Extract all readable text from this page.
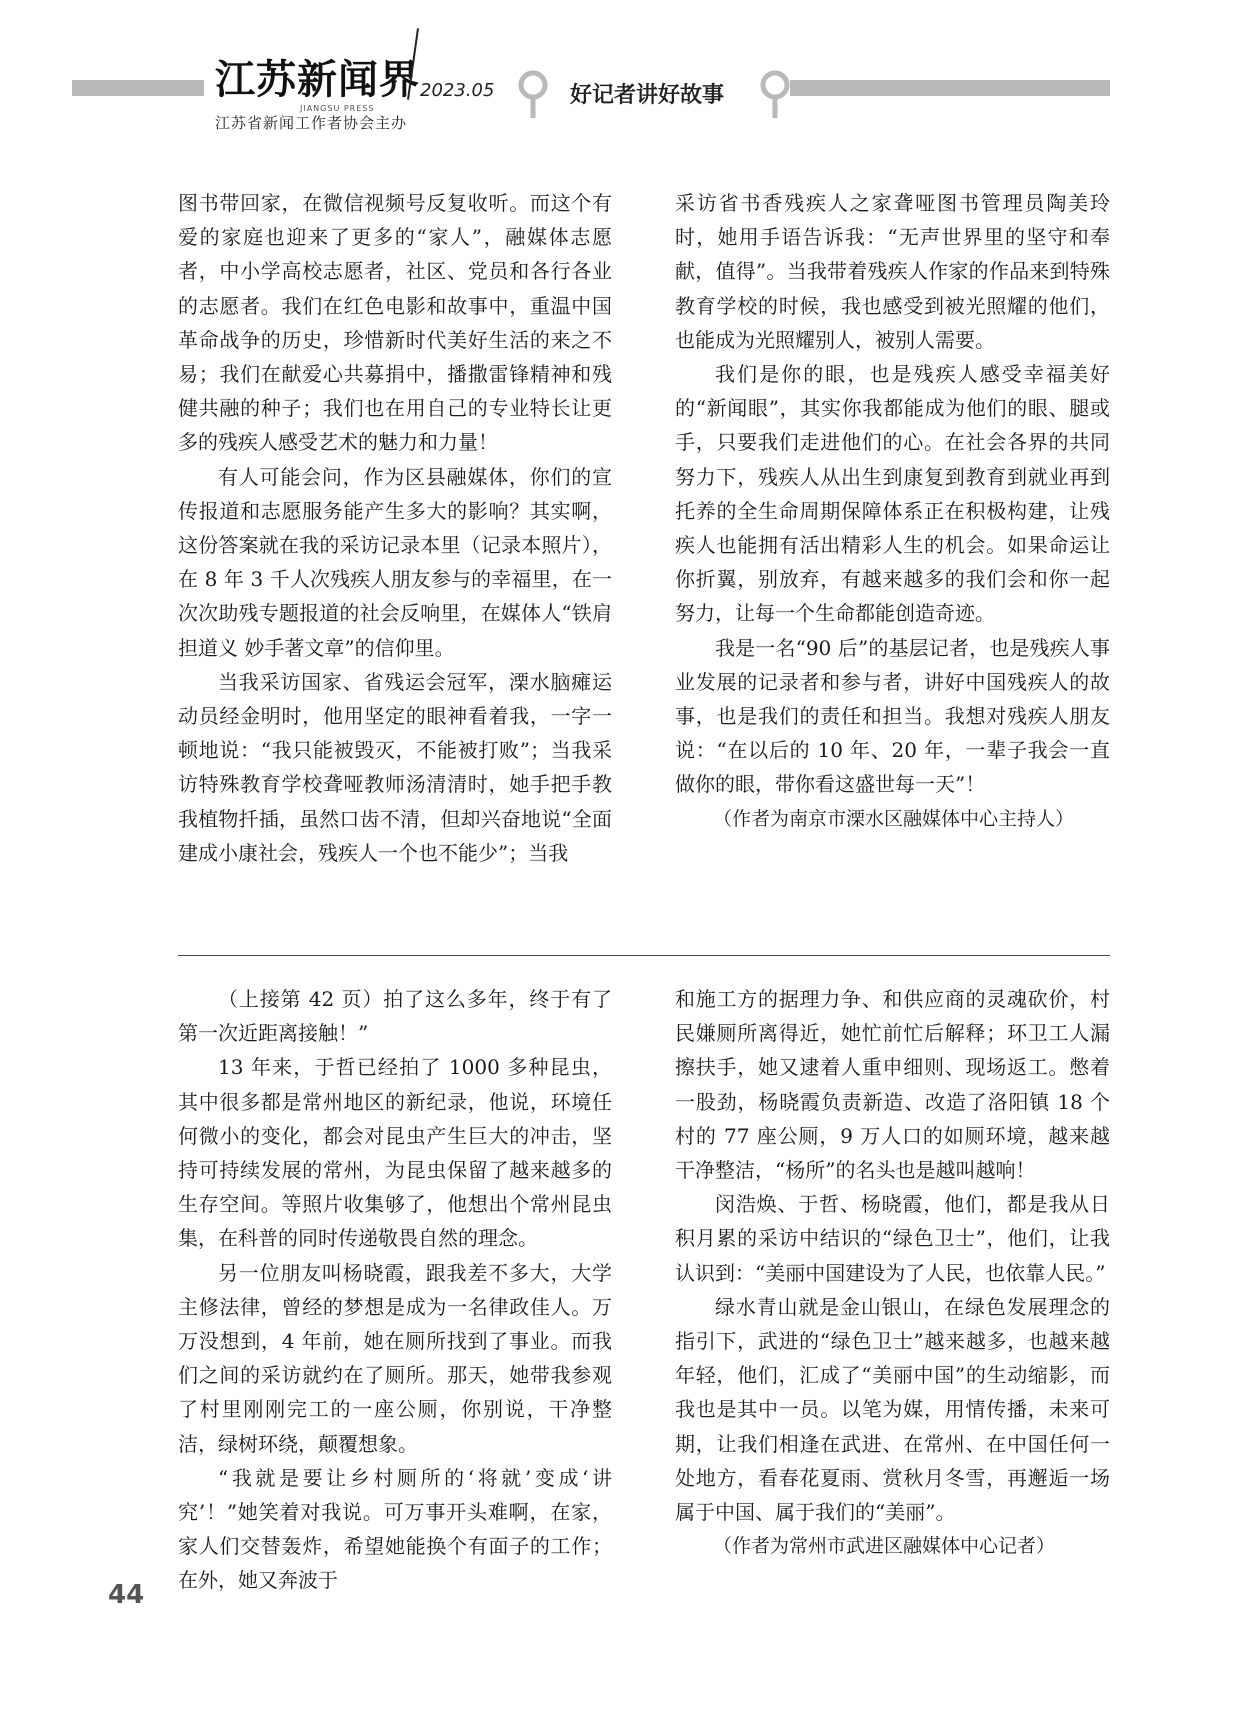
江苏新闻界
JIANGSU PRESS
2023.05
江苏省新闻工作者协会主办
好记者讲好故事

图书带回家，在微信视频号反复收听。而这个有爱的家庭也迎来了更多的“家人”，融媒体志愿者，中小学高校志愿者，社区、党员和各行各业的志愿者。我们在红色电影和故事中，重温中国革命战争的历史，珍惜新时代美好生活的来之不易；我们在献爱心共募捐中，播撒雷锋精神和残健共融的种子；我们也在用自己的专业特长让更多的残疾人感受艺术的魅力和力量！

有人可能会问，作为区县融媒体，你们的宣传报道和志愿服务能产生多大的影响？其实啊，这份答案就在我的采访记录本里（记录本照片），在 8 年 3 千人次残疾人朋友参与的幸福里，在一次次助残专题报道的社会反响里，在媒体人“铁肩担道义 妙手著文章”的信仰里。

当我采访国家、省残运会冠军，溧水脑瘫运动员经金明时，他用坚定的眼神看着我，一字一顿地说：“我只能被毁灭，不能被打败”；当我采访特殊教育学校聋哑教师汤清清时，她手把手教我植物扦插，虽然口齿不清，但却兴奋地说“全面建成小康社会，残疾人一个也不能少”；当我

采访省书香残疾人之家聋哑图书管理员陶美玲时，她用手语告诉我：“无声世界里的坚守和奉献，值得”。当我带着残疾人作家的作品来到特殊教育学校的时候，我也感受到被光照耀的他们，也能成为光照耀别人，被别人需要。

我们是你的眼，也是残疾人感受幸福美好的“新闻眼”，其实你我都能成为他们的眼、腿或手，只要我们走进他们的心。在社会各界的共同努力下，残疾人从出生到康复到教育到就业再到托养的全生命周期保障体系正在积极构建，让残疾人也能拥有活出精彩人生的机会。如果命运让你折翼，别放弃，有越来越多的我们会和你一起努力，让每一个生命都能创造奇迹。

我是一名“90 后”的基层记者，也是残疾人事业发展的记录者和参与者，讲好中国残疾人的故事，也是我们的责任和担当。我想对残疾人朋友说：“在以后的 10 年、20 年，一辈子我会一直做你的眼，带你看这盛世每一天”！

（作者为南京市溧水区融媒体中心主持人）

（上接第 42 页）拍了这么多年，终于有了第一次近距离接触！”

13 年来，于哲已经拍了 1000 多种昆虫，其中很多都是常州地区的新纪录，他说，环境任何微小的变化，都会对昆虫产生巨大的冲击，坚持可持续发展的常州，为昆虫保留了越来越多的生存空间。等照片收集够了，他想出个常州昆虫集，在科普的同时传递敬畏自然的理念。

另一位朋友叫杨晓霞，跟我差不多大，大学主修法律，曾经的梦想是成为一名律政佳人。万万没想到，4 年前，她在厕所找到了事业。而我们之间的采访就约在了厕所。那天，她带我参观了村里刚刚完工的一座公厕，你别说，干净整洁，绿树环绕，颠覆想象。

“我就是要让乡村厕所的‘将就’变成‘讲究’！”她笑着对我说。可万事开头难啊，在家，家人们交替轰炸，希望她能换个有面子的工作；在外，她又奔波于

和施工方的据理力争、和供应商的灵魂砍价，村民嫌厕所离得近，她忙前忙后解释；环卫工人漏擦扶手，她又逮着人重申细则、现场返工。憋着一股劲，杨晓霞负责新造、改造了洛阳镇 18 个村的 77 座公厕，9 万人口的如厕环境，越来越干净整洁，“杨所”的名头也是越叫越响！

闵浩焕、于哲、杨晓霞，他们，都是我从日积月累的采访中结识的“绿色卫士”，他们，让我认识到：“美丽中国建设为了人民，也依靠人民。”

绿水青山就是金山银山，在绿色发展理念的指引下，武进的“绿色卫士”越来越多，也越来越年轻，他们，汇成了“美丽中国”的生动缩影，而我也是其中一员。以笔为媒，用情传播，未来可期，让我们相逢在武进、在常州、在中国任何一处地方，看春花夏雨、赏秋月冬雪，再邂逅一场属于中国、属于我们的“美丽”。

（作者为常州市武进区融媒体中心记者）

44
